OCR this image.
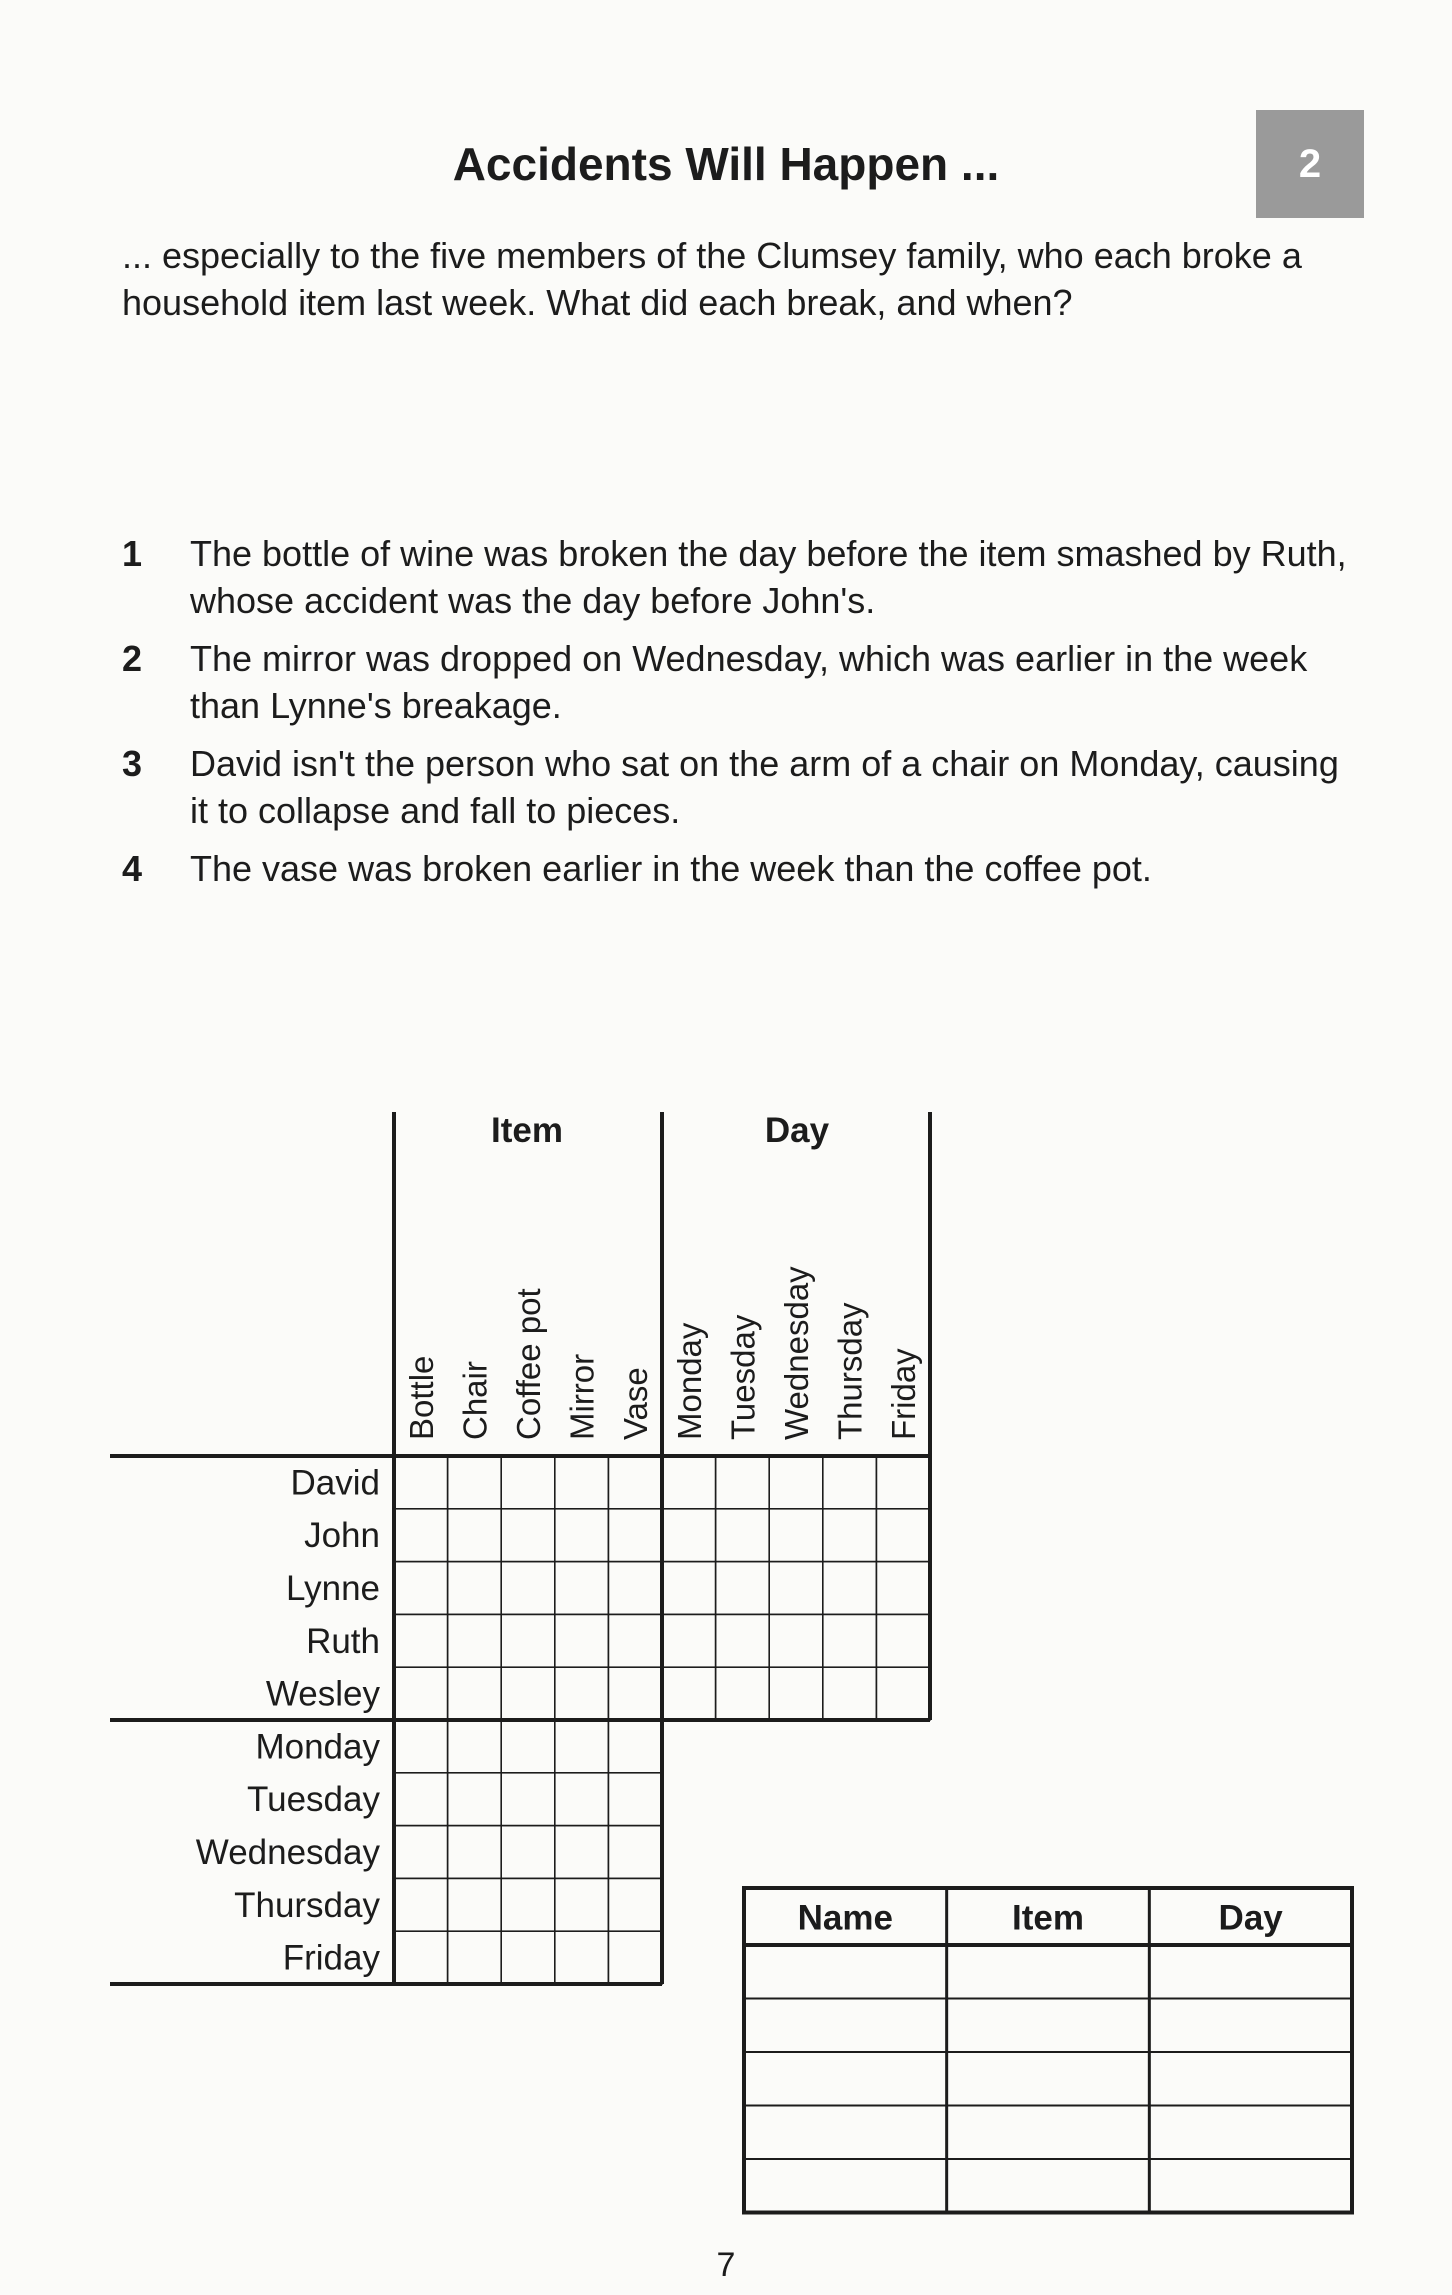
Accidents Will Happen ...	2
... especially to the five members of the Clumsey family, who each broke a household item last week. What did each break, and when?
1	The bottle of wine was broken the day before the item smashed by Ruth, whose accident was the day before John's.
2	The mirror was dropped on Wednesday, which was earlier in the week than Lynne's breakage.
3	David isn't the person who sat on the arm of a chair on Monday, causing it to collapse and fall to pieces.
4	The vase was broken earlier in the week than the coffee pot.
Item	Day
Bottle Chair Coffee pot Mirror Vase Monday Tuesday Wednesday Thursday Friday
David
John
Lynne
Ruth
Wesley
Monday
Tuesday
Wednesday
Thursday
Friday
Name	Item	Day
7
